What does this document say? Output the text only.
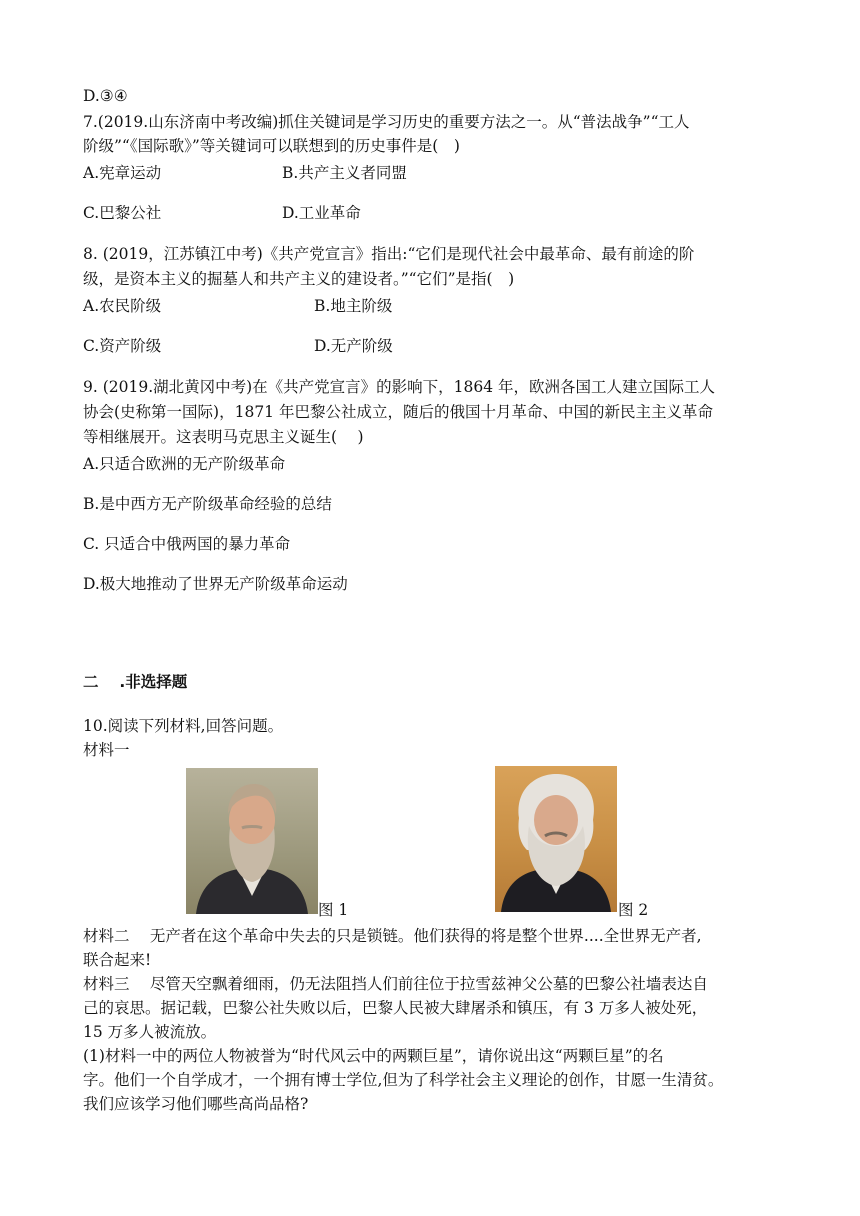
D.③④
7.(2019.山东济南中考改编)抓住关键词是学习历史的重要方法之一。从“普法战争”“工人
阶级”“《国际歌》”等关键词可以联想到的历史事件是(　)
A.宪章运动	B.共产主义者同盟
C.巴黎公社	D.工业革命
8. (2019，江苏镇江中考)《共产党宣言》指出:“它们是现代社会中最革命、最有前途的阶
级，是资本主义的掘墓人和共产主义的建设者。”“它们”是指(　)
A.农民阶级	B.地主阶级
C.资产阶级	D.无产阶级
9. (2019.湖北黄冈中考)在《共产党宣言》的影响下，1864 年，欧洲各国工人建立国际工人
协会(史称第一国际)，1871 年巴黎公社成立，随后的俄国十月革命、中国的新民主主义革命
等相继展开。这表明马克思主义诞生(　 )
A.只适合欧洲的无产阶级革命
B.是中西方无产阶级革命经验的总结
C. 只适合中俄两国的暴力革命
D.极大地推动了世界无产阶级革命运动
二　 .非选择题
10.阅读下列材料,回答问题。
材料一
图 1	图 2
材料二　 无产者在这个革命中失去的只是锁链。他们获得的将是整个世界....全世界无产者,
联合起来!
材料三　 尽管天空飘着细雨，仍无法阻挡人们前往位于拉雪兹神父公墓的巴黎公社墙表达自
己的哀思。据记载，巴黎公社失败以后，巴黎人民被大肆屠杀和镇压，有 3 万多人被处死，
15 万多人被流放。
(1)材料一中的两位人物被誉为“时代风云中的两颗巨星”，请你说出这“两颗巨星”的名
字。他们一个自学成才，一个拥有博士学位,但为了科学社会主义理论的创作，甘愿一生清贫。
我们应该学习他们哪些高尚品格?
